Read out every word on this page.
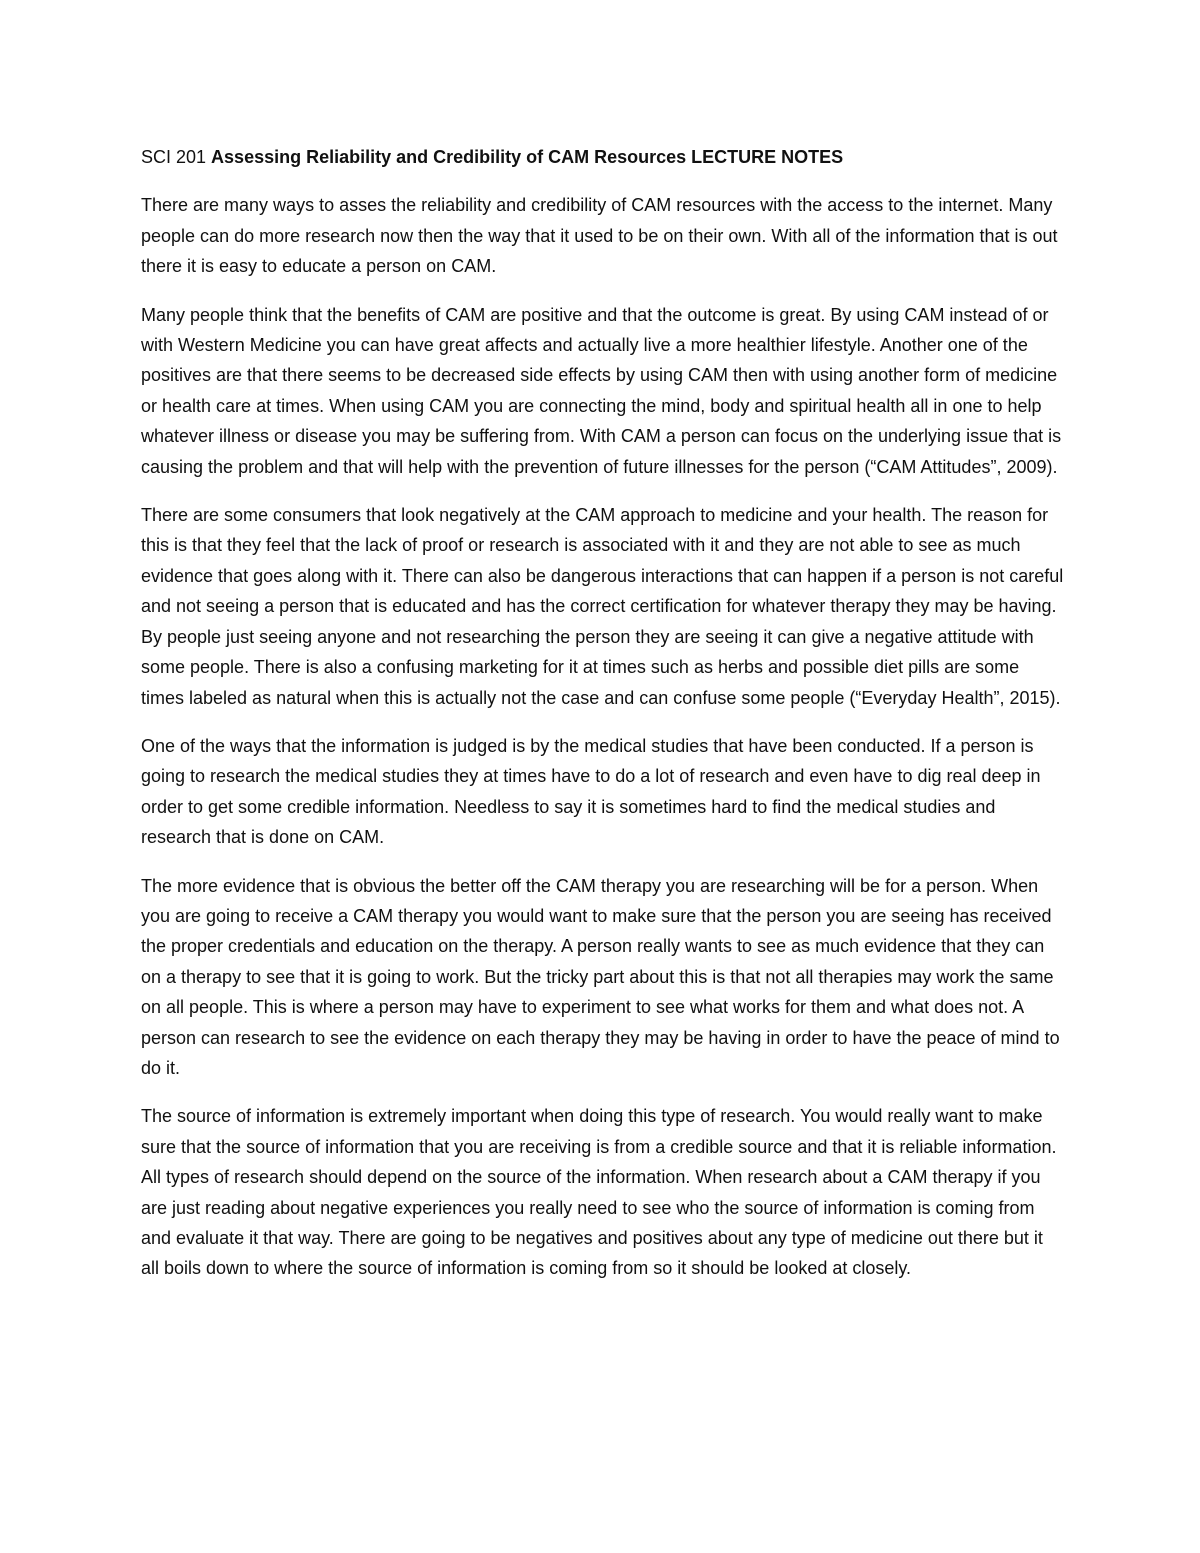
SCI 201 Assessing Reliability and Credibility of CAM Resources LECTURE NOTES

There are many ways to asses the reliability and credibility of CAM resources with the access to the internet. Many people can do more research now then the way that it used to be on their own. With all of the information that is out there it is easy to educate a person on CAM.

Many people think that the benefits of CAM are positive and that the outcome is great. By using CAM instead of or with Western Medicine you can have great affects and actually live a more healthier lifestyle. Another one of the positives are that there seems to be decreased side effects by using CAM then with using another form of medicine or health care at times. When using CAM you are connecting the mind, body and spiritual health all in one to help whatever illness or disease you may be suffering from. With CAM a person can focus on the underlying issue that is causing the problem and that will help with the prevention of future illnesses for the person (“CAM Attitudes”, 2009).

There are some consumers that look negatively at the CAM approach to medicine and your health. The reason for this is that they feel that the lack of proof or research is associated with it and they are not able to see as much evidence that goes along with it. There can also be dangerous interactions that can happen if a person is not careful and not seeing a person that is educated and has the correct certification for whatever therapy they may be having. By people just seeing anyone and not researching the person they are seeing it can give a negative attitude with some people. There is also a confusing marketing for it at times such as herbs and possible diet pills are some times labeled as natural when this is actually not the case and can confuse some people (“Everyday Health”, 2015).

One of the ways that the information is judged is by the medical studies that have been conducted. If a person is going to research the medical studies they at times have to do a lot of research and even have to dig real deep in order to get some credible information. Needless to say it is sometimes hard to find the medical studies and research that is done on CAM.

The more evidence that is obvious the better off the CAM therapy you are researching will be for a person. When you are going to receive a CAM therapy you would want to make sure that the person you are seeing has received the proper credentials and education on the therapy. A person really wants to see as much evidence that they can on a therapy to see that it is going to work. But the tricky part about this is that not all therapies may work the same on all people. This is where a person may have to experiment to see what works for them and what does not. A person can research to see the evidence on each therapy they may be having in order to have the peace of mind to do it.

The source of information is extremely important when doing this type of research. You would really want to make sure that the source of information that you are receiving is from a credible source and that it is reliable information. All types of research should depend on the source of the information. When research about a CAM therapy if you are just reading about negative experiences you really need to see who the source of information is coming from and evaluate it that way. There are going to be negatives and positives about any type of medicine out there but it all boils down to where the source of information is coming from so it should be looked at closely.
